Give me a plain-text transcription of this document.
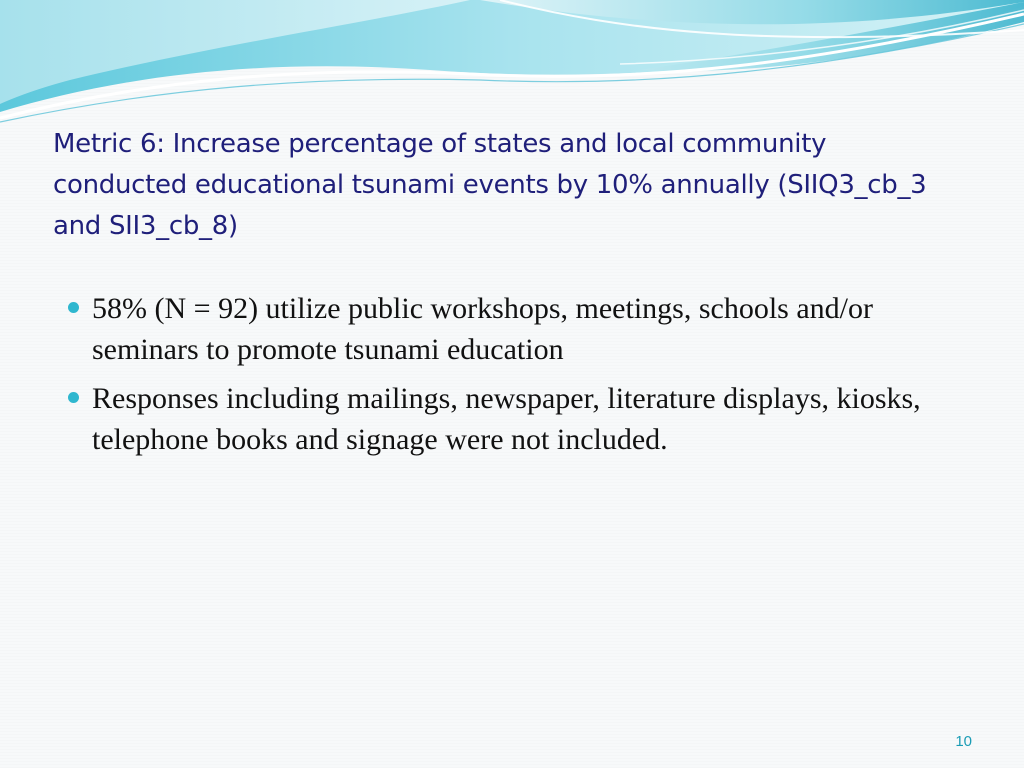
Metric 6: Increase percentage of states and local community conducted educational tsunami events by 10% annually (SIIQ3_cb_3 and SII3_cb_8)
58% (N = 92) utilize public workshops, meetings, schools and/or seminars to promote tsunami education
Responses including mailings, newspaper, literature displays, kiosks, telephone books and signage were not included.
10
